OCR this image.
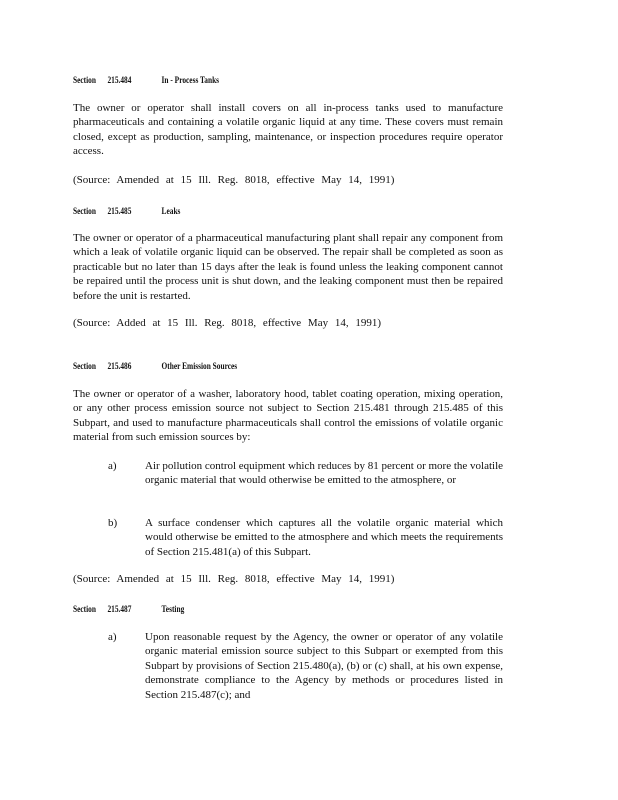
Section 215.484	In - Process Tanks
The owner or operator shall install covers on all in-process tanks used to manufacture pharmaceuticals and containing a volatile organic liquid at any time. These covers must remain closed, except as production, sampling, maintenance, or inspection procedures require operator access.
(Source: Amended at 15 Ill. Reg. 8018, effective May 14, 1991)
Section 215.485	Leaks
The owner or operator of a pharmaceutical manufacturing plant shall repair any component from which a leak of volatile organic liquid can be observed. The repair shall be completed as soon as practicable but no later than 15 days after the leak is found unless the leaking component cannot be repaired until the process unit is shut down, and the leaking component must then be repaired before the unit is restarted.
(Source: Added at 15 Ill. Reg. 8018, effective May 14, 1991)
Section 215.486	Other Emission Sources
The owner or operator of a washer, laboratory hood, tablet coating operation, mixing operation, or any other process emission source not subject to Section 215.481 through 215.485 of this Subpart, and used to manufacture pharmaceuticals shall control the emissions of volatile organic material from such emission sources by:
a)	Air pollution control equipment which reduces by 81 percent or more the volatile organic material that would otherwise be emitted to the atmosphere, or
b)	A surface condenser which captures all the volatile organic material which would otherwise be emitted to the atmosphere and which meets the requirements of Section 215.481(a) of this Subpart.
(Source: Amended at 15 Ill. Reg. 8018, effective May 14, 1991)
Section 215.487	Testing
a)	Upon reasonable request by the Agency, the owner or operator of any volatile organic material emission source subject to this Subpart or exempted from this Subpart by provisions of Section 215.480(a), (b) or (c) shall, at his own expense, demonstrate compliance to the Agency by methods or procedures listed in Section 215.487(c); and
